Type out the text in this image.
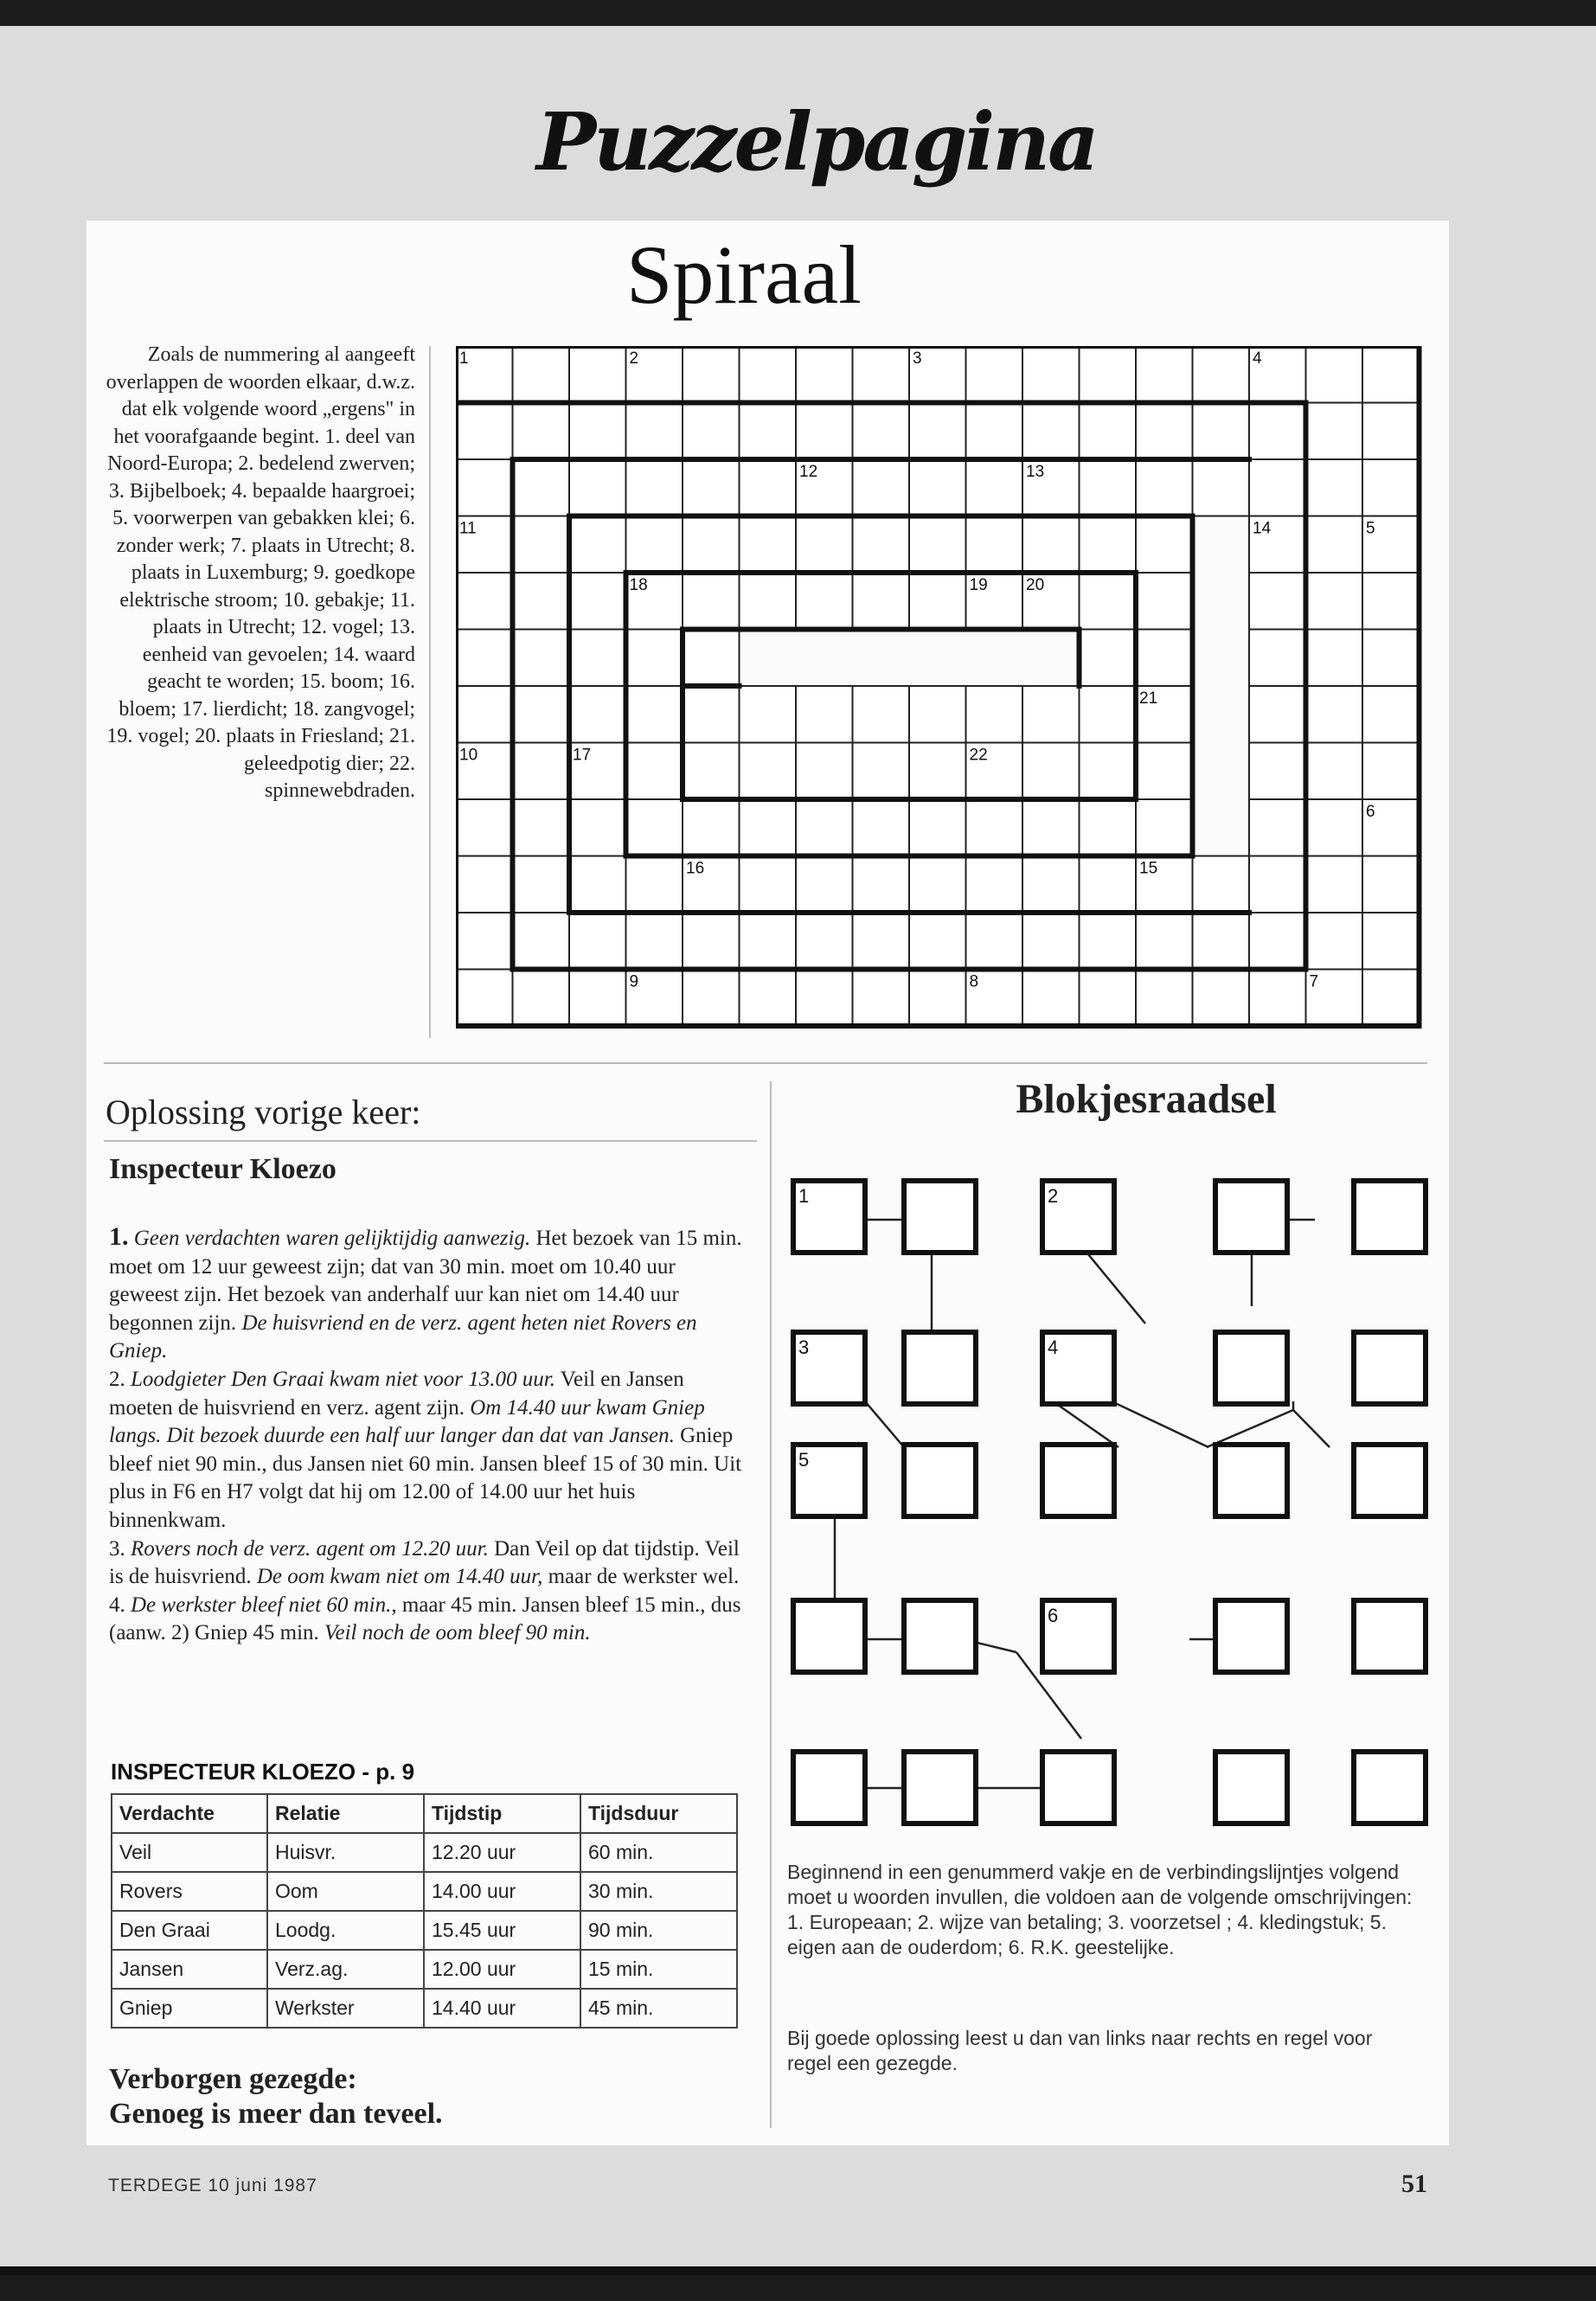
Puzzelpagina
Spiraal

Zoals de nummering al aangeeft overlappen de woorden elkaar, d.w.z. dat elk volgende woord „ergens" in het voorafgaande begint. 1. deel van Noord-Europa; 2. bedelend zwerven; 3. Bijbelboek; 4. bepaalde haargroei; 5. voorwerpen van gebakken klei; 6. zonder werk; 7. plaats in Utrecht; 8. plaats in Luxemburg; 9. goedkope elektrische stroom; 10. gebakje; 11. plaats in Utrecht; 12. vogel; 13. eenheid van gevoelen; 14. waard geacht te worden; 15. boom; 16. bloem; 17. lierdicht; 18. zangvogel; 19. vogel; 20. plaats in Friesland; 21. geleedpotig dier; 22. spinnewebdraden.

1	2	3	4
5
6
7
8
9
10
11
12	13
14
15
16
17
18	19 20
21
22
Oplossing vorige keer:
Inspecteur Kloezo

1. Geen verdachten waren gelijktijdig aanwezig. Het bezoek van 15 min. moet om 12 uur geweest zijn; dat van 30 min. moet om 10.40 uur geweest zijn. Het bezoek van anderhalf uur kan niet om 14.40 uur begonnen zijn. De huisvriend en de verz. agent heten niet Rovers en Gniep.

2. Loodgieter Den Graai kwam niet voor 13.00 uur. Veil en Jansen moeten de huisvriend en verz. agent zijn. Om 14.40 uur kwam Gniep langs. Dit bezoek duurde een half uur langer dan dat van Jansen. Gniep bleef niet 90 min., dus Jansen niet 60 min. Jansen bleef 15 of 30 min. Uit plus in F6 en H7 volgt dat hij om 12.00 of 14.00 uur het huis binnenkwam.

3. Rovers noch de verz. agent om 12.20 uur. Dan Veil op dat tijdstip. Veil is de huisvriend. De oom kwam niet om 14.40 uur, maar de werkster wel.

4. De werkster bleef niet 60 min., maar 45 min. Jansen bleef 15 min., dus (aanw. 2) Gniep 45 min. Veil noch de oom bleef 90 min.

INSPECTEUR KLOEZO - p. 9
Verdachte	Relatie	Tijdstip	Tijdsduur
Veil	Huisvr.	12.20 uur	60 min.
Rovers	Oom	14.00 uur	30 min.
Den Graai	Loodg.	15.45 uur	90 min.
Jansen	Verz.ag.	12.00 uur	15 min.
Gniep	Werkster	14.40 uur	45 min.
Verborgen gezegde:
Genoeg is meer dan teveel.
Blokjesraadsel
1	2
3	4
5
6

Beginnend in een genummerd vakje en de verbindingslijntjes volgend moet u woorden invullen, die voldoen aan de volgende omschrijvingen:

1. Europeaan; 2. wijze van betaling; 3. voorzetsel ; 4. kledingstuk; 5. eigen aan de ouderdom; 6. R.K. geestelijke.

Bij goede oplossing leest u dan van links naar rechts en regel voor regel een gezegde.

TERDEGE 10 juni 1987	51
